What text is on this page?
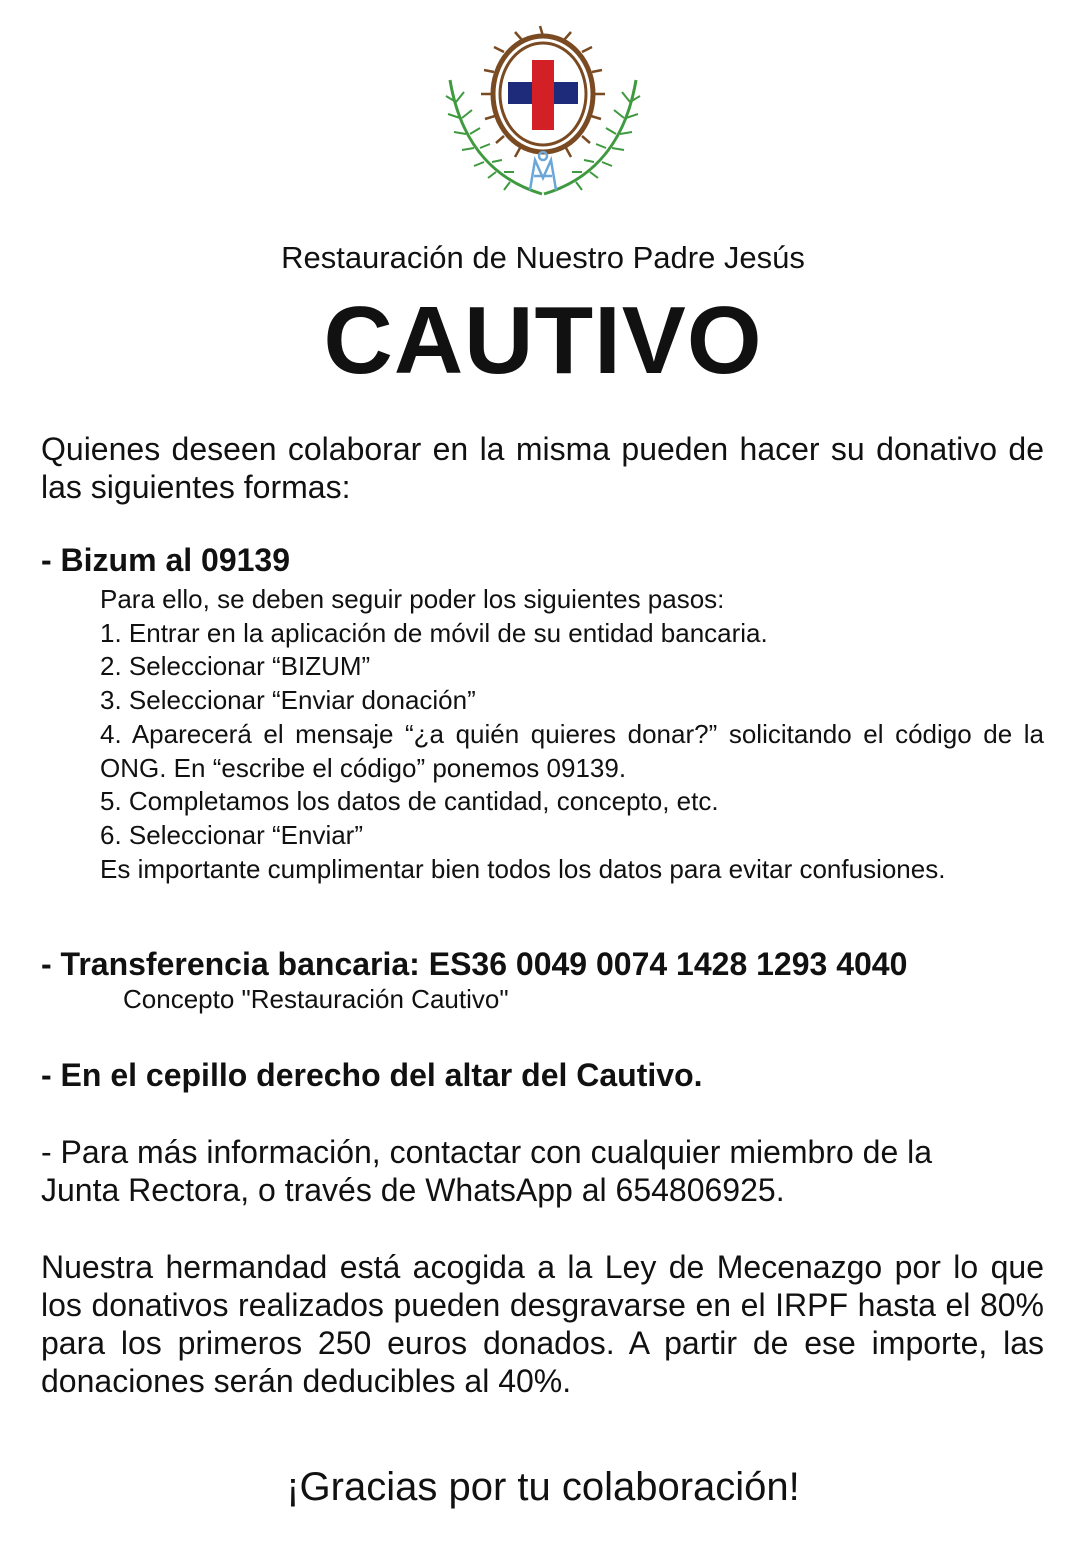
Restauración de Nuestro Padre Jesús
CAUTIVO
Quienes deseen colaborar en la misma pueden hacer su donativo de las siguientes formas:
- Bizum al 09139
Para ello, se deben seguir poder los siguientes pasos:
1. Entrar en la aplicación de móvil de su entidad bancaria.
2. Seleccionar “BIZUM”
3. Seleccionar “Enviar donación”
4. Aparecerá el mensaje “¿a quién quieres donar?” solicitando el código de la ONG. En “escribe el código” ponemos 09139.
5. Completamos los datos de cantidad, concepto, etc.
6. Seleccionar “Enviar”
Es importante cumplimentar bien todos los datos para evitar confusiones.
- Transferencia bancaria: ES36 0049 0074 1428 1293 4040
Concepto "Restauración Cautivo"
- En el cepillo derecho del altar del Cautivo.
- Para más información, contactar con cualquier miembro de la Junta Rectora, o través de WhatsApp al 654806925.
Nuestra hermandad está acogida a la Ley de Mecenazgo por lo que los donativos realizados pueden desgravarse en el IRPF hasta el 80% para los primeros 250 euros donados. A partir de ese importe, las donaciones serán deducibles al 40%.
¡Gracias por tu colaboración!
